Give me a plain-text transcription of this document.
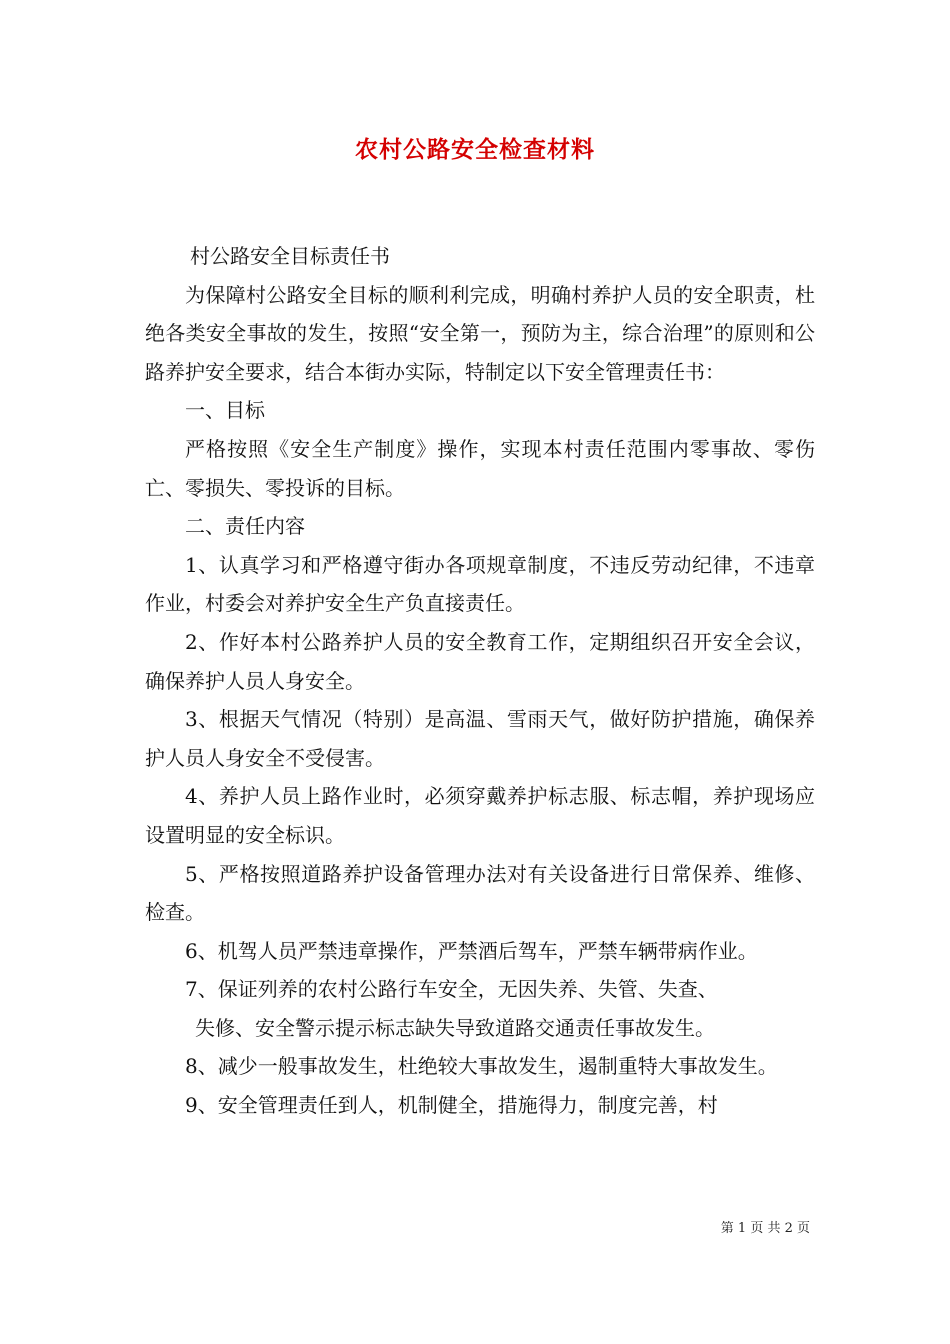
农村公路安全检查材料

村公路安全目标责任书

为保障村公路安全目标的顺利利完成，明确村养护人员的安全职责，杜绝各类安全事故的发生，按照“安全第一，预防为主，综合治理”的原则和公路养护安全要求，结合本街办实际，特制定以下安全管理责任书：

一、目标

严格按照《安全生产制度》操作，实现本村责任范围内零事故、零伤亡、零损失、零投诉的目标。

二、责任内容

1、认真学习和严格遵守街办各项规章制度，不违反劳动纪律，不违章作业，村委会对养护安全生产负直接责任。

2、作好本村公路养护人员的安全教育工作，定期组织召开安全会议，确保养护人员人身安全。

3、根据天气情况（特别）是高温、雪雨天气，做好防护措施，确保养护人员人身安全不受侵害。

4、养护人员上路作业时，必须穿戴养护标志服、标志帽，养护现场应设置明显的安全标识。

5、严格按照道路养护设备管理办法对有关设备进行日常保养、维修、检查。

6、机驾人员严禁违章操作，严禁酒后驾车，严禁车辆带病作业。

7、保证列养的农村公路行车安全，无因失养、失管、失查、

失修、安全警示提示标志缺失导致道路交通责任事故发生。

8、减少一般事故发生，杜绝较大事故发生，遏制重特大事故发生。

9、安全管理责任到人，机制健全，措施得力，制度完善，村

第 1 页 共 2 页
